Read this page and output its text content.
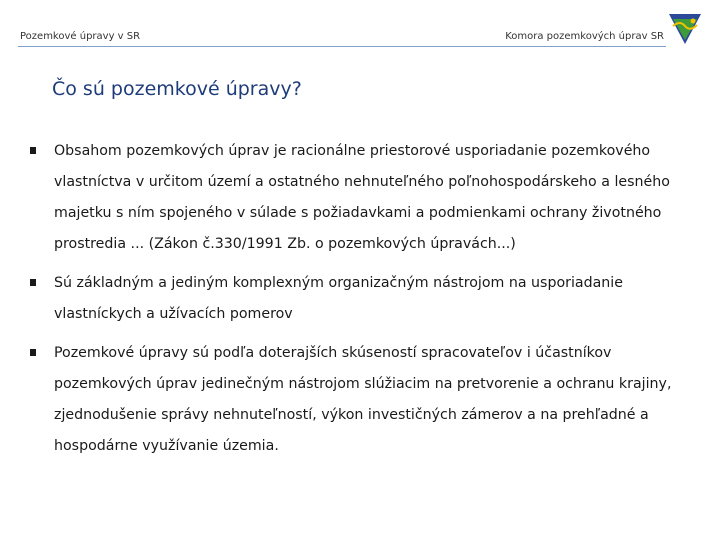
Pozemkové úpravy v SR	Komora pozemkových úprav SR
Čo sú pozemkové úpravy?
Obsahom pozemkových úprav je racionálne priestorové usporiadanie pozemkového vlastníctva v určitom území a ostatného nehnuteľného poľnohospodárskeho a lesného majetku s ním spojeného v súlade s požiadavkami a podmienkami ochrany životného prostredia ... (Zákon č.330/1991 Zb. o pozemkových úpravách...)
Sú základným a jediným komplexným organizačným nástrojom na usporiadanie vlastníckych a užívacích pomerov
Pozemkové úpravy sú podľa doterajších skúseností spracovateľov i účastníkov pozemkových úprav jedinečným nástrojom slúžiacim na pretvorenie a ochranu krajiny, zjednodušenie správy nehnuteľností, výkon investičných zámerov a na prehľadné a hospodárne využívanie územia.
